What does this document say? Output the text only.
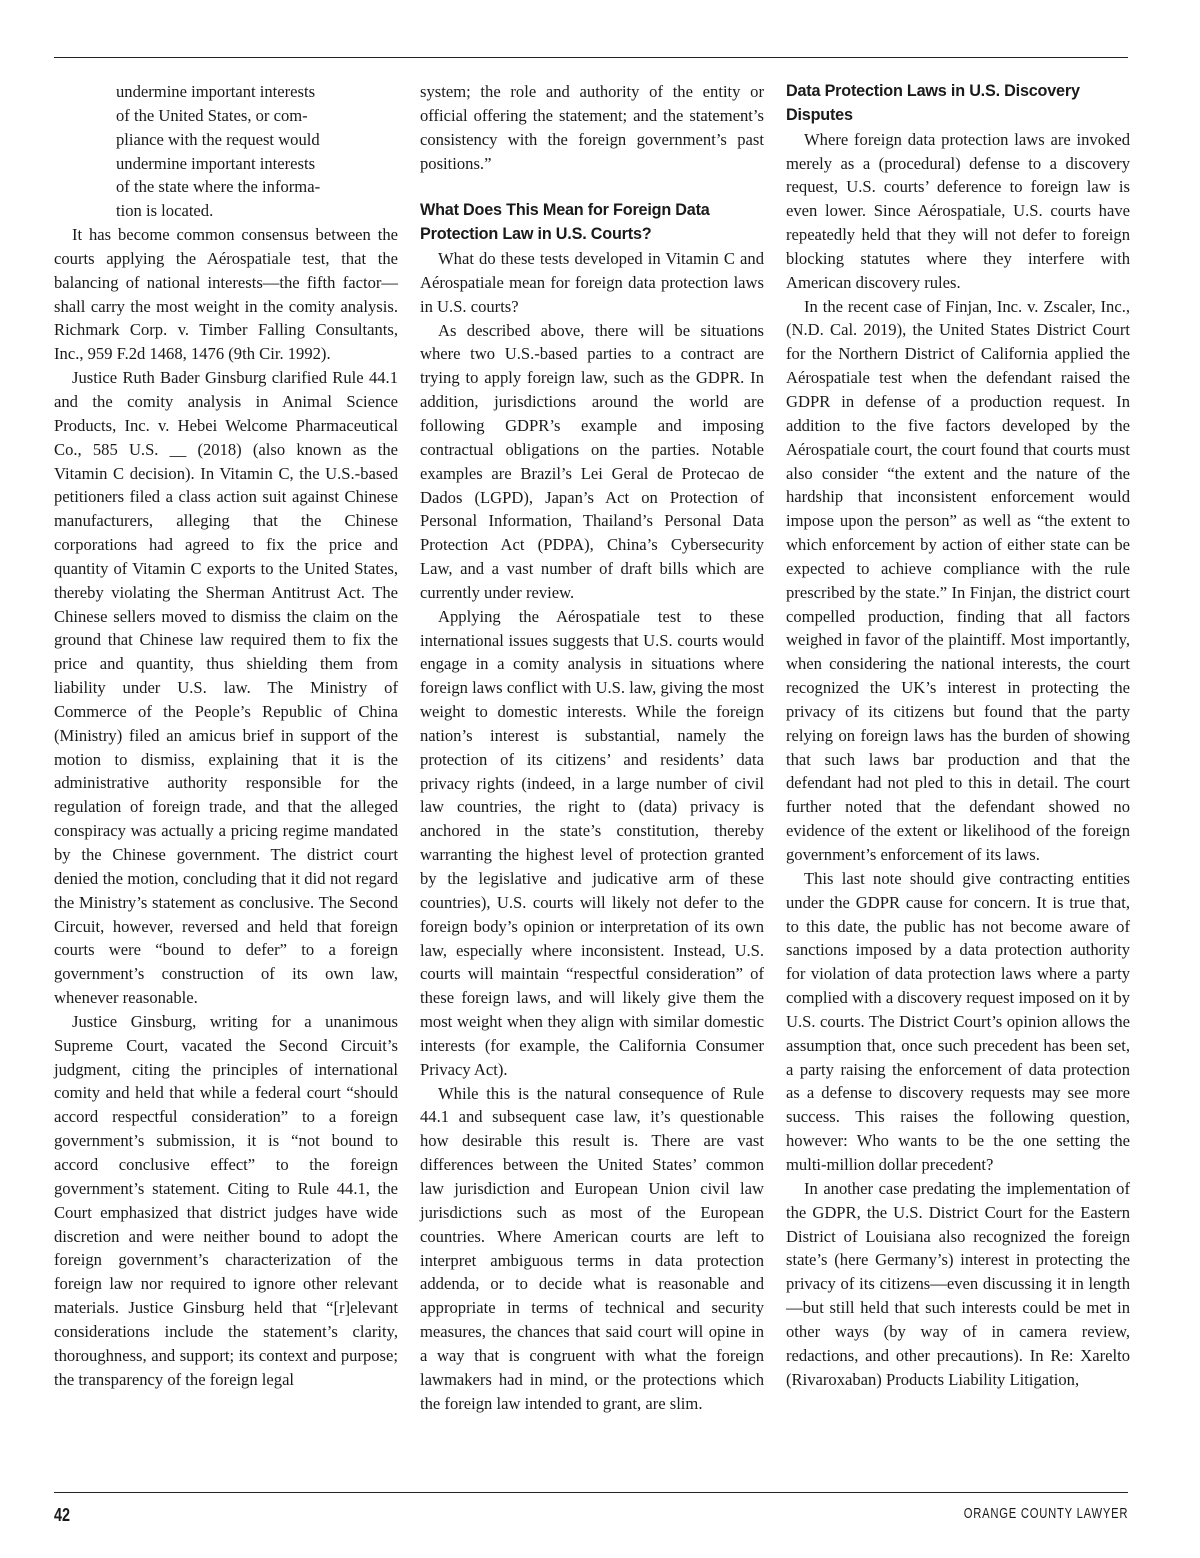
undermine important interests
of the United States, or com-
pliance with the request would
undermine important interests
of the state where the informa-
tion is located.

It has become common consensus between the courts applying the Aérospatiale test, that the balancing of national interests—the fifth factor—shall carry the most weight in the comity analysis. Richmark Corp. v. Timber Falling Consultants, Inc., 959 F.2d 1468, 1476 (9th Cir. 1992).

Justice Ruth Bader Ginsburg clarified Rule 44.1 and the comity analysis in Animal Science Products, Inc. v. Hebei Welcome Pharmaceutical Co., 585 U.S. __ (2018) (also known as the Vitamin C decision). In Vitamin C, the U.S.-based petitioners filed a class action suit against Chinese manufacturers, alleging that the Chinese corporations had agreed to fix the price and quantity of Vitamin C exports to the United States, thereby violating the Sherman Antitrust Act. The Chinese sellers moved to dismiss the claim on the ground that Chinese law required them to fix the price and quantity, thus shielding them from liability under U.S. law. The Ministry of Commerce of the People’s Republic of China (Ministry) filed an amicus brief in support of the motion to dismiss, explaining that it is the administrative authority responsible for the regulation of foreign trade, and that the alleged conspiracy was actually a pricing regime mandated by the Chinese government. The district court denied the motion, concluding that it did not regard the Ministry’s statement as conclusive. The Second Circuit, however, reversed and held that foreign courts were “bound to defer” to a foreign government’s construction of its own law, whenever reasonable.

Justice Ginsburg, writing for a unanimous Supreme Court, vacated the Second Circuit’s judgment, citing the principles of international comity and held that while a federal court “should accord respectful consideration” to a foreign government’s submission, it is “not bound to accord conclusive effect” to the foreign government’s statement. Citing to Rule 44.1, the Court emphasized that district judges have wide discretion and were neither bound to adopt the foreign government’s characterization of the foreign law nor required to ignore other relevant materials. Justice Ginsburg held that “[r]elevant considerations include the statement’s clarity, thoroughness, and support; its context and purpose; the transparency of the foreign legal

system; the role and authority of the entity or official offering the statement; and the statement’s consistency with the foreign government’s past positions.”

What Does This Mean for Foreign Data Protection Law in U.S. Courts?

What do these tests developed in Vitamin C and Aérospatiale mean for foreign data protection laws in U.S. courts?

As described above, there will be situations where two U.S.-based parties to a contract are trying to apply foreign law, such as the GDPR. In addition, jurisdictions around the world are following GDPR’s example and imposing contractual obligations on the parties. Notable examples are Brazil’s Lei Geral de Protecao de Dados (LGPD), Japan’s Act on Protection of Personal Information, Thailand’s Personal Data Protection Act (PDPA), China’s Cybersecurity Law, and a vast number of draft bills which are currently under review.

Applying the Aérospatiale test to these international issues suggests that U.S. courts would engage in a comity analysis in situations where foreign laws conflict with U.S. law, giving the most weight to domestic interests. While the foreign nation’s interest is substantial, namely the protection of its citizens’ and residents’ data privacy rights (indeed, in a large number of civil law countries, the right to (data) privacy is anchored in the state’s constitution, thereby warranting the highest level of protection granted by the legislative and judicative arm of these countries), U.S. courts will likely not defer to the foreign body’s opinion or interpretation of its own law, especially where inconsistent. Instead, U.S. courts will maintain “respectful consideration” of these foreign laws, and will likely give them the most weight when they align with similar domestic interests (for example, the California Consumer Privacy Act).

While this is the natural consequence of Rule 44.1 and subsequent case law, it’s questionable how desirable this result is. There are vast differences between the United States’ common law jurisdiction and European Union civil law jurisdictions such as most of the European countries. Where American courts are left to interpret ambiguous terms in data protection addenda, or to decide what is reasonable and appropriate in terms of technical and security measures, the chances that said court will opine in a way that is congruent with what the foreign lawmakers had in mind, or the protections which the foreign law intended to grant, are slim.

Data Protection Laws in U.S. Discovery Disputes

Where foreign data protection laws are invoked merely as a (procedural) defense to a discovery request, U.S. courts’ deference to foreign law is even lower. Since Aérospatiale, U.S. courts have repeatedly held that they will not defer to foreign blocking statutes where they interfere with American discovery rules.

In the recent case of Finjan, Inc. v. Zscaler, Inc., (N.D. Cal. 2019), the United States District Court for the Northern District of California applied the Aérospatiale test when the defendant raised the GDPR in defense of a production request. In addition to the five factors developed by the Aérospatiale court, the court found that courts must also consider “the extent and the nature of the hardship that inconsistent enforcement would impose upon the person” as well as “the extent to which enforcement by action of either state can be expected to achieve compliance with the rule prescribed by the state.” In Finjan, the district court compelled production, finding that all factors weighed in favor of the plaintiff. Most importantly, when considering the national interests, the court recognized the UK’s interest in protecting the privacy of its citizens but found that the party relying on foreign laws has the burden of showing that such laws bar production and that the defendant had not pled to this in detail. The court further noted that the defendant showed no evidence of the extent or likelihood of the foreign government’s enforcement of its laws.

This last note should give contracting entities under the GDPR cause for concern. It is true that, to this date, the public has not become aware of sanctions imposed by a data protection authority for violation of data protection laws where a party complied with a discovery request imposed on it by U.S. courts. The District Court’s opinion allows the assumption that, once such precedent has been set, a party raising the enforcement of data protection as a defense to discovery requests may see more success. This raises the following question, however: Who wants to be the one setting the multi-million dollar precedent?

In another case predating the implementation of the GDPR, the U.S. District Court for the Eastern District of Louisiana also recognized the foreign state’s (here Germany’s) interest in protecting the privacy of its citizens—even discussing it in length—but still held that such interests could be met in other ways (by way of in camera review, redactions, and other precautions). In Re: Xarelto (Rivaroxaban) Products Liability Litigation,

42	ORANGE COUNTY LAWYER
